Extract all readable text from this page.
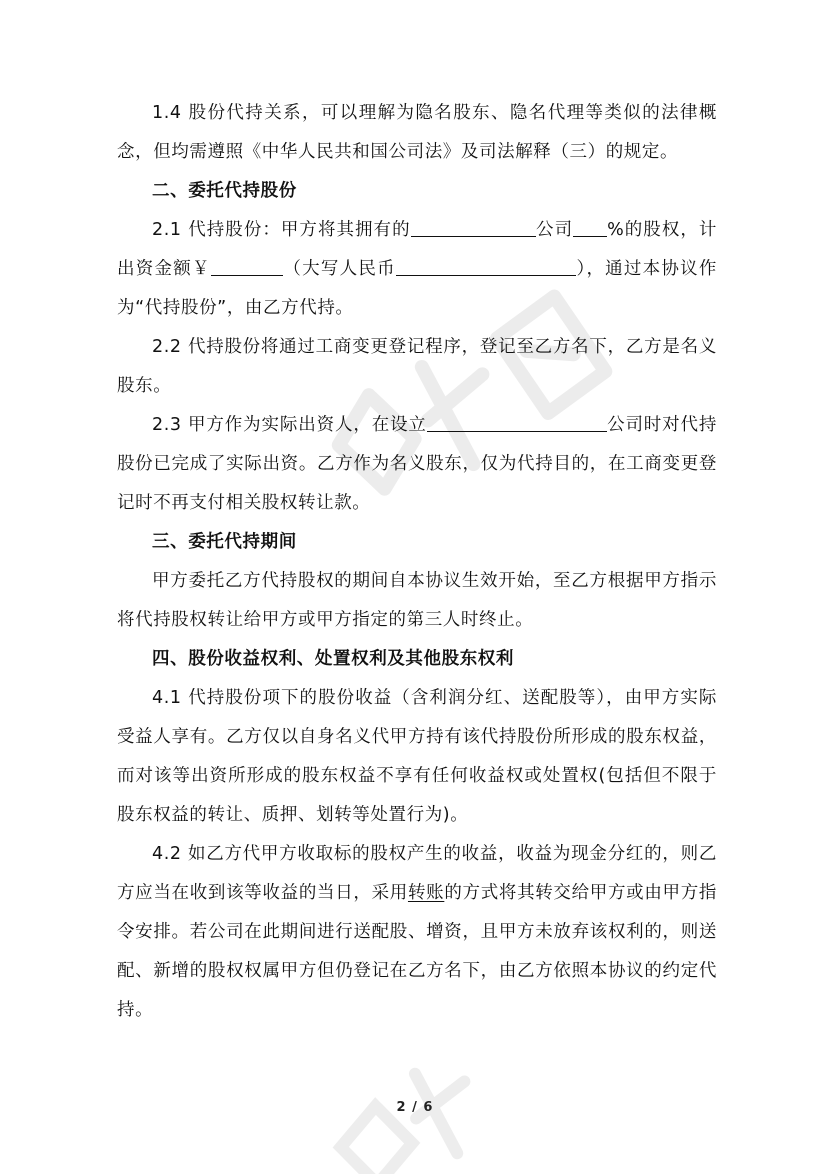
1.4 股份代持关系，可以理解为隐名股东、隐名代理等类似的法律概念，但均需遵照《中华人民共和国公司法》及司法解释（三）的规定。

二、委托代持股份

2.1 代持股份：甲方将其拥有的	公司 %的股权，计出资金额￥	（大写人民币	），通过本协议作为“代持股份”，由乙方代持。

2.2 代持股份将通过工商变更登记程序，登记至乙方名下，乙方是名义股东。

2.3 甲方作为实际出资人，在设立	公司时对代持股份已完成了实际出资。乙方作为名义股东，仅为代持目的，在工商变更登记时不再支付相关股权转让款。

三、委托代持期间

甲方委托乙方代持股权的期间自本协议生效开始，至乙方根据甲方指示将代持股权转让给甲方或甲方指定的第三人时终止。

四、股份收益权利、处置权利及其他股东权利

4.1 代持股份项下的股份收益（含利润分红、送配股等），由甲方实际受益人享有。乙方仅以自身名义代甲方持有该代持股份所形成的股东权益，而对该等出资所形成的股东权益不享有任何收益权或处置权(包括但不限于股东权益的转让、质押、划转等处置行为)。

4.2 如乙方代甲方收取标的股权产生的收益，收益为现金分红的，则乙方应当在收到该等收益的当日，采用转账的方式将其转交给甲方或由甲方指令安排。若公司在此期间进行送配股、增资，且甲方未放弃该权利的，则送配、新增的股权权属甲方但仍登记在乙方名下，由乙方依照本协议的约定代持。

2 / 6
